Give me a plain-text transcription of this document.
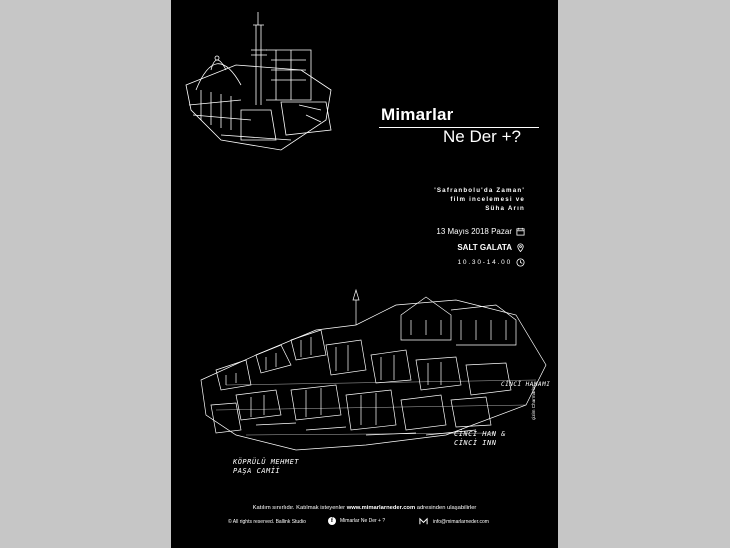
Mimarlar
Ne Der +?
'Safranbolu'da Zaman'
film incelemesi ve
Süha Arın
13 Mayıs 2018 Pazar
SALT GALATA
10.30-14.00
CİNCİ HAMAMI
CİNCİ HAN &
CİNCİ INN
KÖPRÜLÜ MEHMET
PAŞA CAMİİ
çizim Charmarlos
Katılım sınırlıdır. Katılmak isteyenler www.mimarlarneder.com adresinden ulaşabilirler
© All rights reserved. Ballink Studio	f	Mimarlar Ne Der + ?	info@mimarlarneder.com
